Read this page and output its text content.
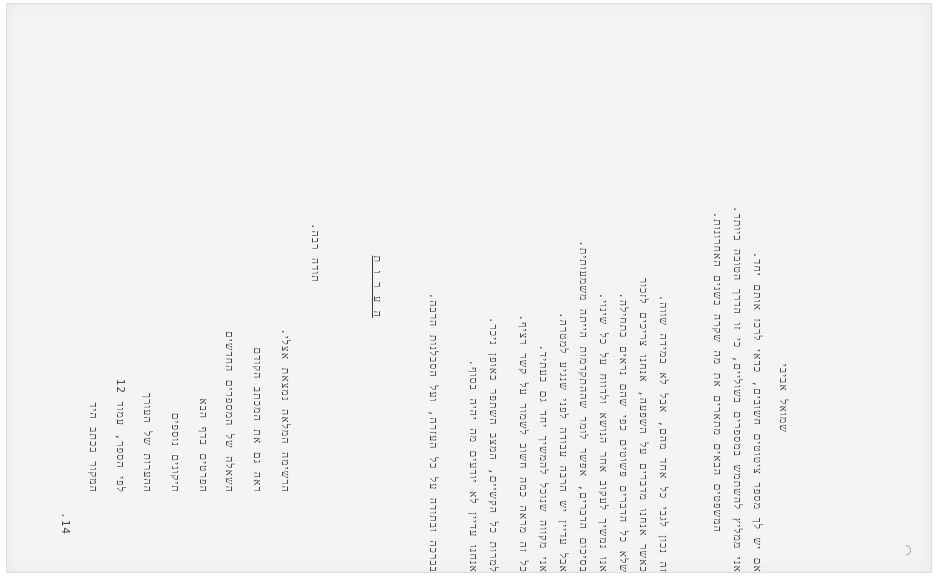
⌒
שמואל אביבי
אם יש לך מספר ציטוטים חשובים, כדאי לרכז אותם יחד.
אני ממליץ להשתמש במספרים בשוליים, כי זו הדרך הטובה ביותר.
המשפטים הבאים מתארים את מה שקרה בשנים האחרונות.
זה נכון לגבי כל אחד מהם, אבל לא במידה שווה.
כאשר אנחנו מדברים על השפעה, אנחנו צריכים לזכור
שלא כל הדברים פשוטים כפי שהם נראים בתחילה.
אנו נמשיך לעקוב אחר הנושא ולדווח על כל שינוי.
בסיכום הדברים, אפשר לומר שההתקדמות הייתה משמעותית.
אבל עדיין יש הרבה עבודה לפני שנגיע למטרה.
אני מקווה שנוכל להמשיך יחד גם בעתיד.
כל זה מראה כמה חשוב לשמור על קשר רציף.
למרות כל הקשיים, המצב השתפר באופן ניכר.
אנחנו עדיין לא יודעים מה יהיה בסוף.
בברכה ובתודה על כל העזרה, ועל הסבלנות הרבה.
ה ע ר ו ת
תודה רבה.
הרשימה המלאה נמצאת אצלי.
ראה גם את המכתב הקודם
השאלה של המספרים החדשים
הפרטים בדף הבא
תיקונים נוספים
ההערות של העורך
לפי הספר, עמוד 12
המקור בכתב היד
.14
